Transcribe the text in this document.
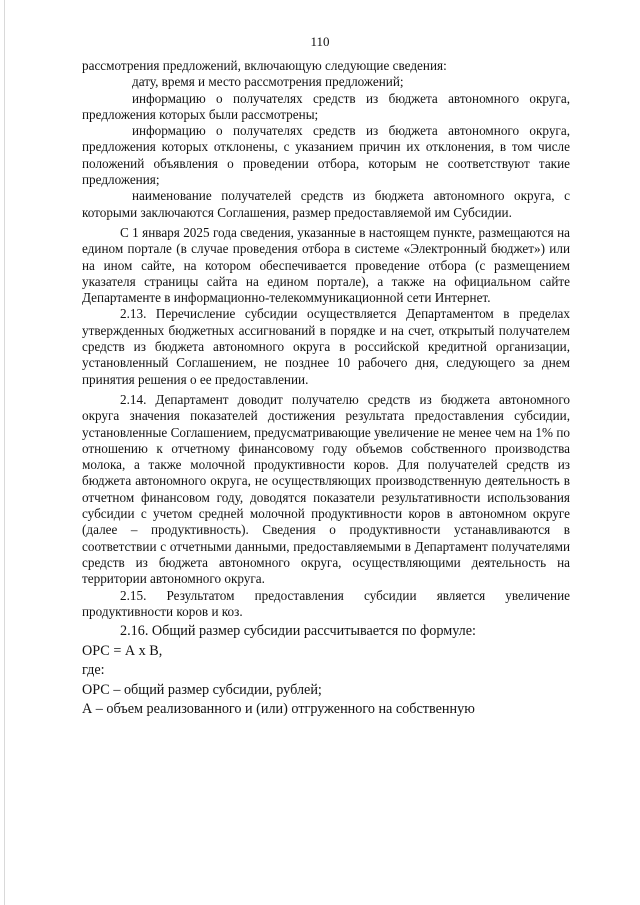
110

рассмотрения предложений, включающую следующие сведения:

дату, время и место рассмотрения предложений;

информацию о получателях средств из бюджета автономного округа, предложения которых были рассмотрены;

информацию о получателях средств из бюджета автономного округа, предложения которых отклонены, с указанием причин их отклонения, в том числе положений объявления о проведении отбора, которым не соответствуют такие предложения;

наименование получателей средств из бюджета автономного округа, с которыми заключаются Соглашения, размер предоставляемой им Субсидии.

С 1 января 2025 года сведения, указанные в настоящем пункте, размещаются на едином портале (в случае проведения отбора в системе «Электронный бюджет») или на ином сайте, на котором обеспечивается проведение отбора (с размещением указателя страницы сайта на едином портале), а также на официальном сайте Департаменте в информационно-телекоммуникационной сети Интернет.

2.13. Перечисление субсидии осуществляется Департаментом в пределах утвержденных бюджетных ассигнований в порядке и на счет, открытый получателем средств из бюджета автономного округа в российской кредитной организации, установленный Соглашением, не позднее 10 рабочего дня, следующего за днем принятия решения о ее предоставлении.

2.14. Департамент доводит получателю средств из бюджета автономного округа значения показателей достижения результата предоставления субсидии, установленные Соглашением, предусматривающие увеличение не менее чем на 1% по отношению к отчетному финансовому году объемов собственного производства молока, а также молочной продуктивности коров. Для получателей средств из бюджета автономного округа, не осуществляющих производственную деятельность в отчетном финансовом году, доводятся показатели результативности использования субсидии с учетом средней молочной продуктивности коров в автономном округе (далее – продуктивность). Сведения о продуктивности устанавливаются в соответствии с отчетными данными, предоставляемыми в Департамент получателями средств из бюджета автономного округа, осуществляющими деятельность на территории автономного округа.

2.15. Результатом предоставления субсидии является увеличение продуктивности коров и коз.

2.16. Общий размер субсидии рассчитывается по формуле:

ОРС = А х В,

где:

ОРС – общий размер субсидии, рублей;

А – объем реализованного и (или) отгруженного на собственную
